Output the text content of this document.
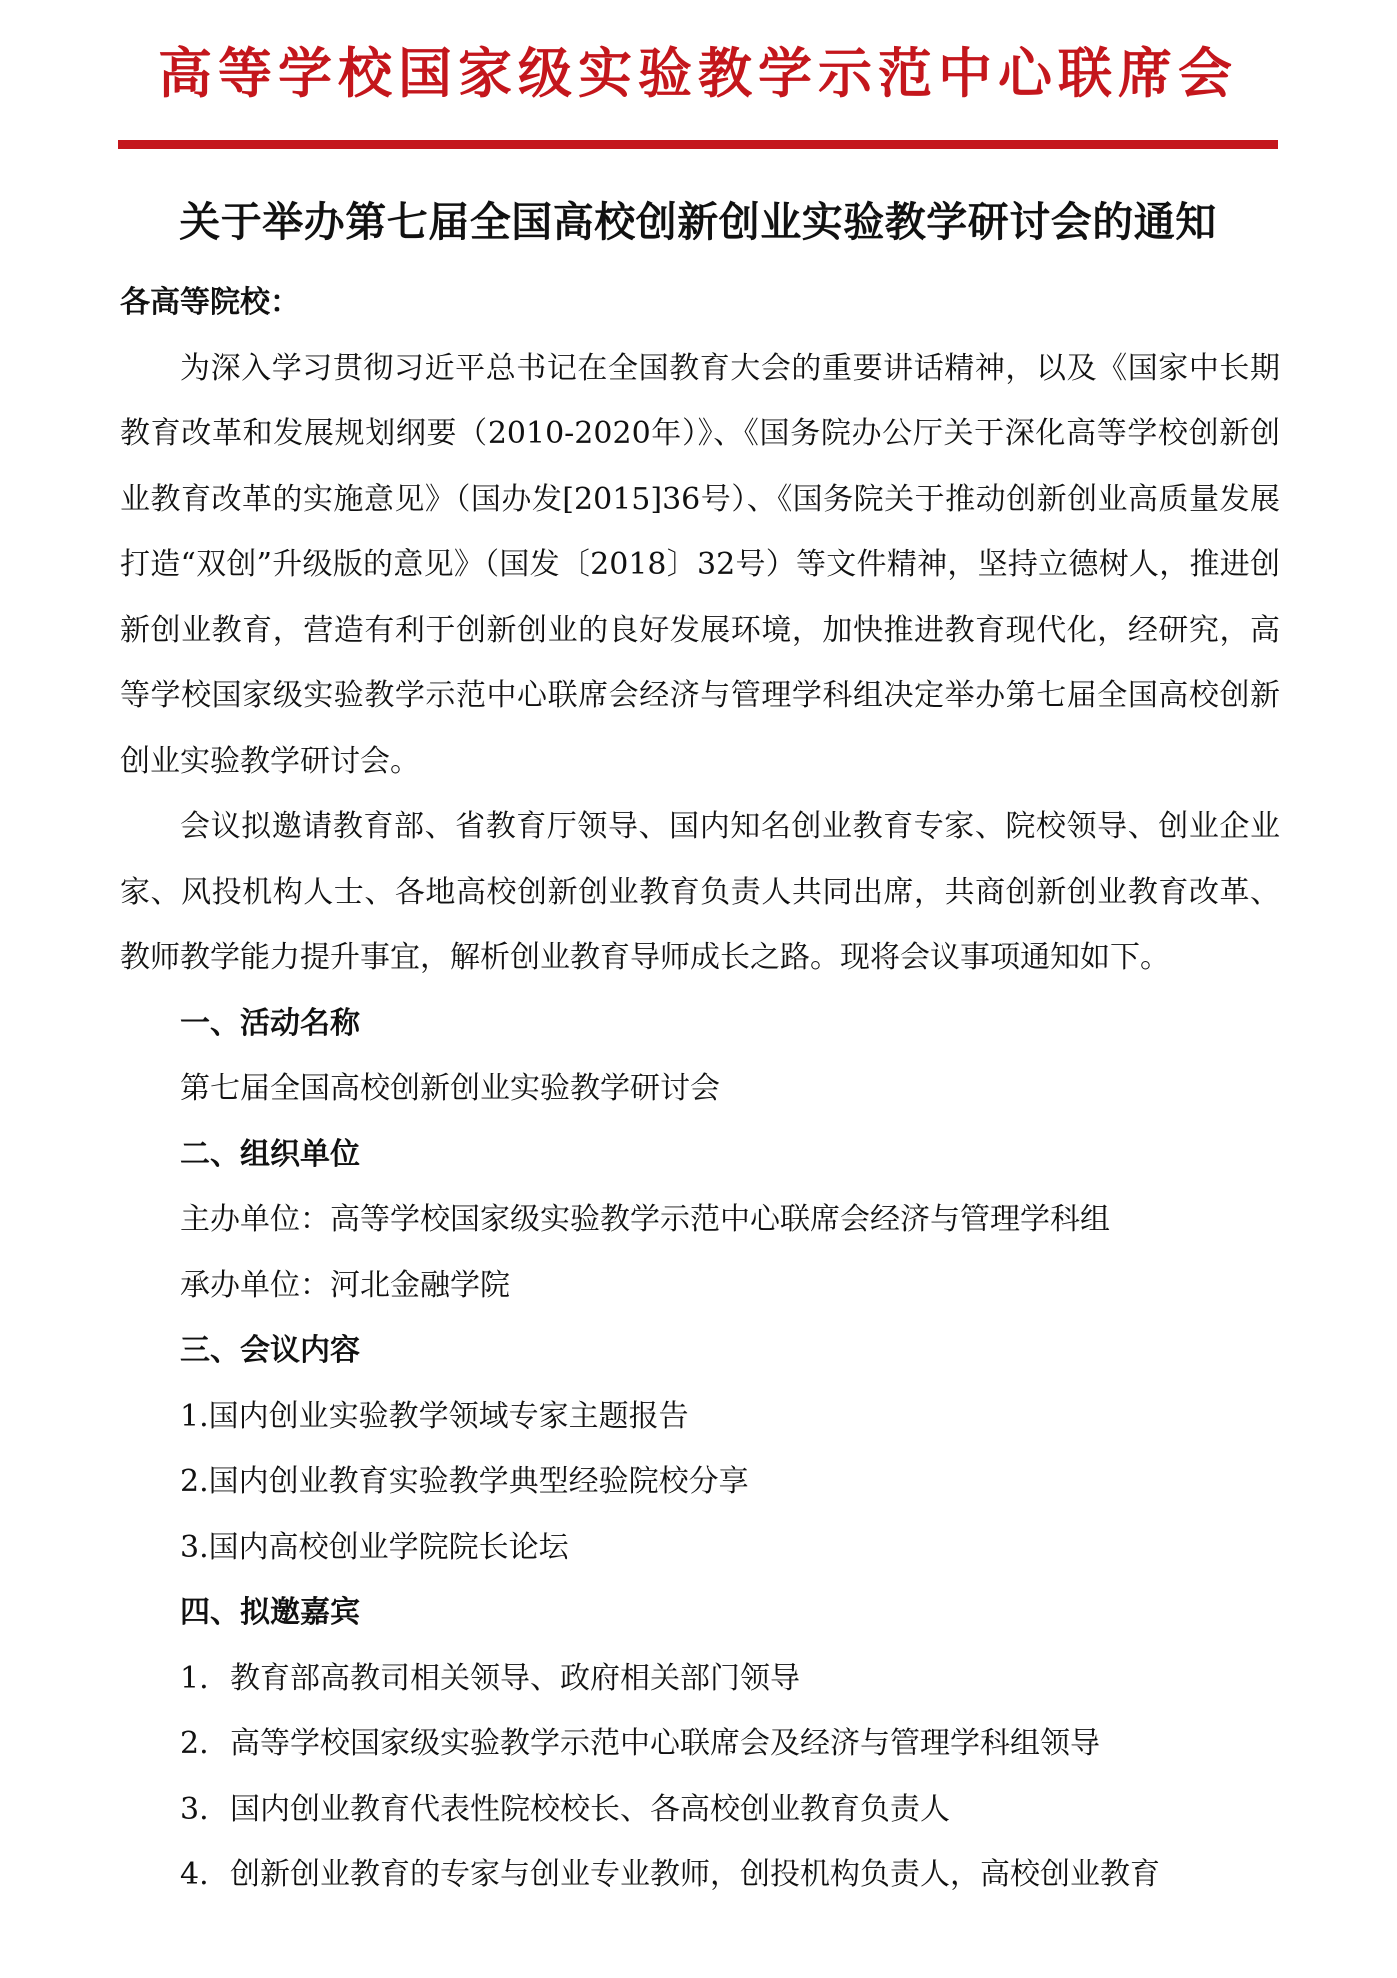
高等学校国家级实验教学示范中心联席会
关于举办第七届全国高校创新创业实验教学研讨会的通知

各高等院校：

为深入学习贯彻习近平总书记在全国教育大会的重要讲话精神，以及《国家中长期教育改革和发展规划纲要（2010-2020年）》、《国务院办公厅关于深化高等学校创新创业教育改革的实施意见》（国办发[2015]36号）、《国务院关于推动创新创业高质量发展打造“双创”升级版的意见》（国发〔2018〕32号）等文件精神，坚持立德树人，推进创新创业教育，营造有利于创新创业的良好发展环境，加快推进教育现代化，经研究，高等学校国家级实验教学示范中心联席会经济与管理学科组决定举办第七届全国高校创新创业实验教学研讨会。

会议拟邀请教育部、省教育厅领导、国内知名创业教育专家、院校领导、创业企业家、风投机构人士、各地高校创新创业教育负责人共同出席，共商创新创业教育改革、教师教学能力提升事宜，解析创业教育导师成长之路。现将会议事项通知如下。

一、活动名称

第七届全国高校创新创业实验教学研讨会

二、组织单位

主办单位：高等学校国家级实验教学示范中心联席会经济与管理学科组

承办单位：河北金融学院

三、会议内容

1.国内创业实验教学领域专家主题报告

2.国内创业教育实验教学典型经验院校分享

3.国内高校创业学院院长论坛

四、拟邀嘉宾

1. 教育部高教司相关领导、政府相关部门领导

2. 高等学校国家级实验教学示范中心联席会及经济与管理学科组领导

3. 国内创业教育代表性院校校长、各高校创业教育负责人

4. 创新创业教育的专家与创业专业教师，创投机构负责人，高校创业教育
